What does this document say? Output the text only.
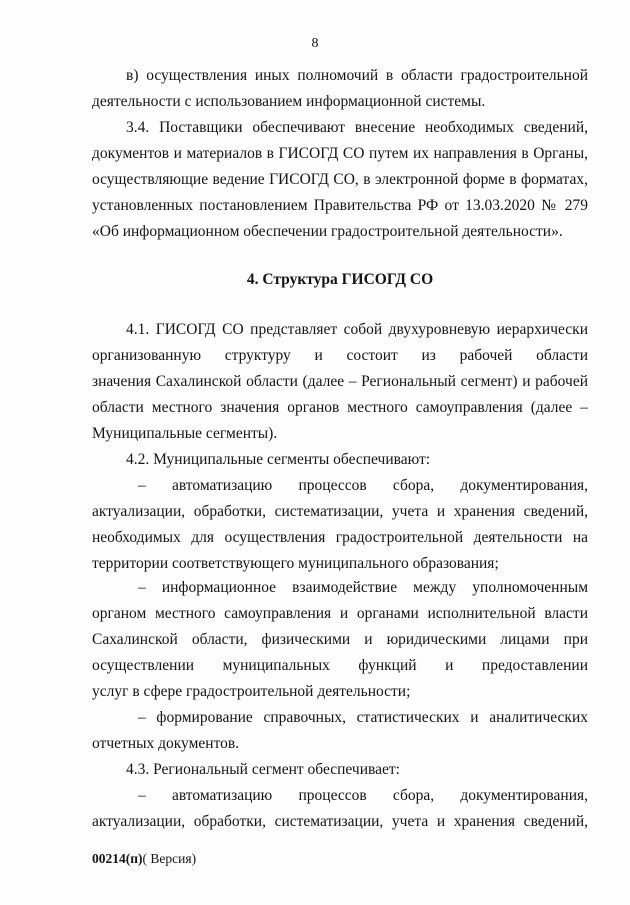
8
в) осуществления иных полномочий в области градостроительной
деятельности с использованием информационной системы.
3.4. Поставщики обеспечивают внесение необходимых сведений,
документов и материалов в ГИСОГД СО путем их направления в Органы,
осуществляющие ведение ГИСОГД СО, в электронной форме в форматах,
установленных постановлением Правительства РФ от 13.03.2020 № 279
«Об информационном обеспечении градостроительной деятельности».
4. Структура ГИСОГД СО
4.1. ГИСОГД СО представляет собой двухуровневую иерархически
организованную структуру и состоит из рабочей области
значения Сахалинской области (далее – Региональный сегмент) и рабочей
области местного значения органов местного самоуправления (далее –
Муниципальные сегменты).
4.2. Муниципальные сегменты обеспечивают:
– автоматизацию процессов сбора, документирования,
актуализации, обработки, систематизации, учета и хранения сведений,
необходимых для осуществления градостроительной деятельности на
территории соответствующего муниципального образования;
– информационное взаимодействие между уполномоченным
органом местного самоуправления и органами исполнительной власти
Сахалинской области, физическими и юридическими лицами при
осуществлении муниципальных функций и предоставлении
услуг в сфере градостроительной деятельности;
– формирование справочных, статистических и аналитических
отчетных документов.
4.3. Региональный сегмент обеспечивает:
– автоматизацию процессов сбора, документирования,
актуализации, обработки, систематизации, учета и хранения сведений,
00214(п)( Версия)
